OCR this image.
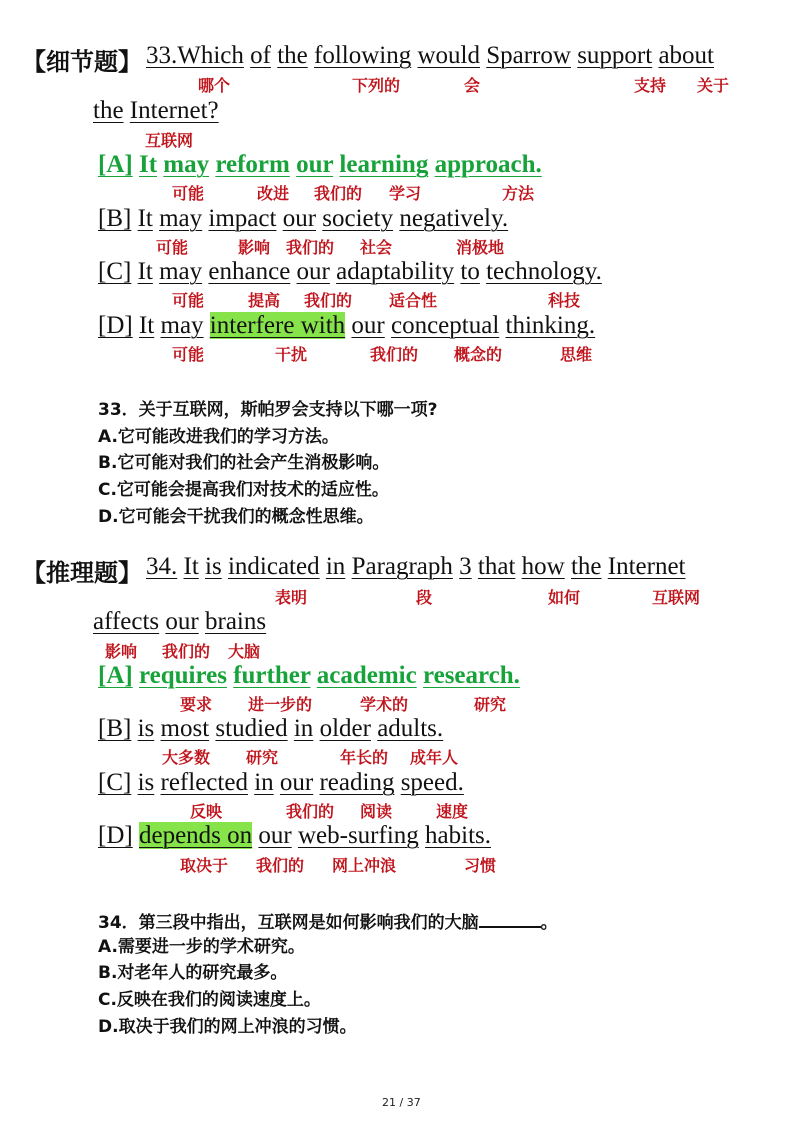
【细节题】 33.Which of the following would Sparrow support about
哪个	下列的	会	支持 关于
the Internet?
互联网
[A] It may reform our learning approach.
可能	改进 我们的 学习	方法
[B] It may impact our society negatively.
可能	影响 我们的 社会	消极地
[C] It may enhance our adaptability to technology.
可能	提高 我们的 适合性	科技
[D] It may interfere with our conceptual thinking.
可能	干扰	我们的 概念的	思维
33．关于互联网，斯帕罗会支持以下哪一项?
A.它可能改进我们的学习方法。
B.它可能对我们的社会产生消极影响。
C.它可能会提高我们对技术的适应性。
D.它可能会干扰我们的概念性思维。
【推理题】 34. It is indicated in Paragraph 3 that how the Internet
表明	段	如何	互联网
affects our brains
影响 我们的 大脑
[A] requires further academic research.
要求 进一步的	学术的	研究
[B] is most studied in older adults.
大多数 研究	年长的 成年人
[C] is reflected in our reading speed.
反映	我们的 阅读	速度
[D] depends on our web-surfing habits.
取决于 我们的 网上冲浪	习惯
34．第三段中指出，互联网是如何影响我们的大脑	。
A.需要进一步的学术研究。
B.对老年人的研究最多。
C.反映在我们的阅读速度上。
D.取决于我们的网上冲浪的习惯。
21 / 37
